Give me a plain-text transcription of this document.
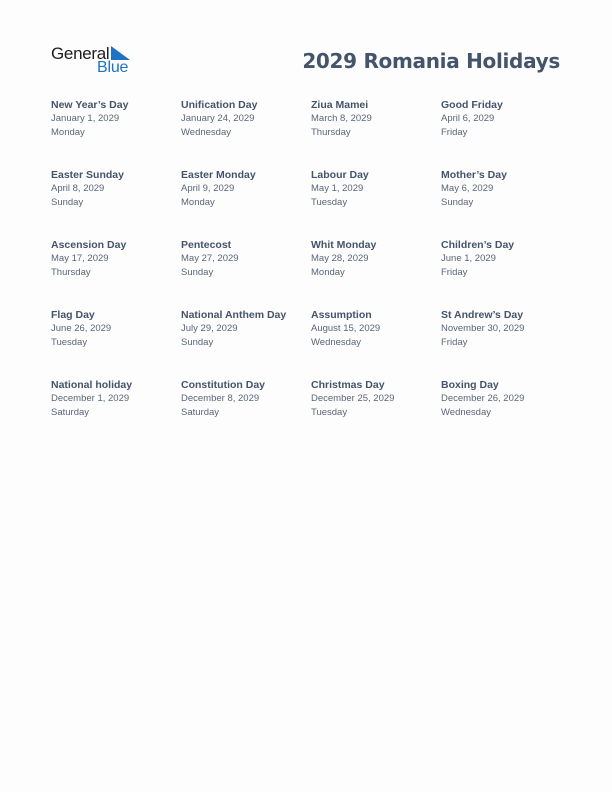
General
Blue	2029 Romania Holidays
New Year’s Day
January 1, 2029
Monday
Unification Day
January 24, 2029
Wednesday
Ziua Mamei
March 8, 2029
Thursday
Good Friday
April 6, 2029
Friday
Easter Sunday
April 8, 2029
Sunday
Easter Monday
April 9, 2029
Monday
Labour Day
May 1, 2029
Tuesday
Mother’s Day
May 6, 2029
Sunday
Ascension Day
May 17, 2029
Thursday
Pentecost
May 27, 2029
Sunday
Whit Monday
May 28, 2029
Monday
Children’s Day
June 1, 2029
Friday
Flag Day
June 26, 2029
Tuesday
National Anthem Day
July 29, 2029
Sunday
Assumption
August 15, 2029
Wednesday
St Andrew’s Day
November 30, 2029
Friday
National holiday
December 1, 2029
Saturday
Constitution Day
December 8, 2029
Saturday
Christmas Day
December 25, 2029
Tuesday
Boxing Day
December 26, 2029
Wednesday
